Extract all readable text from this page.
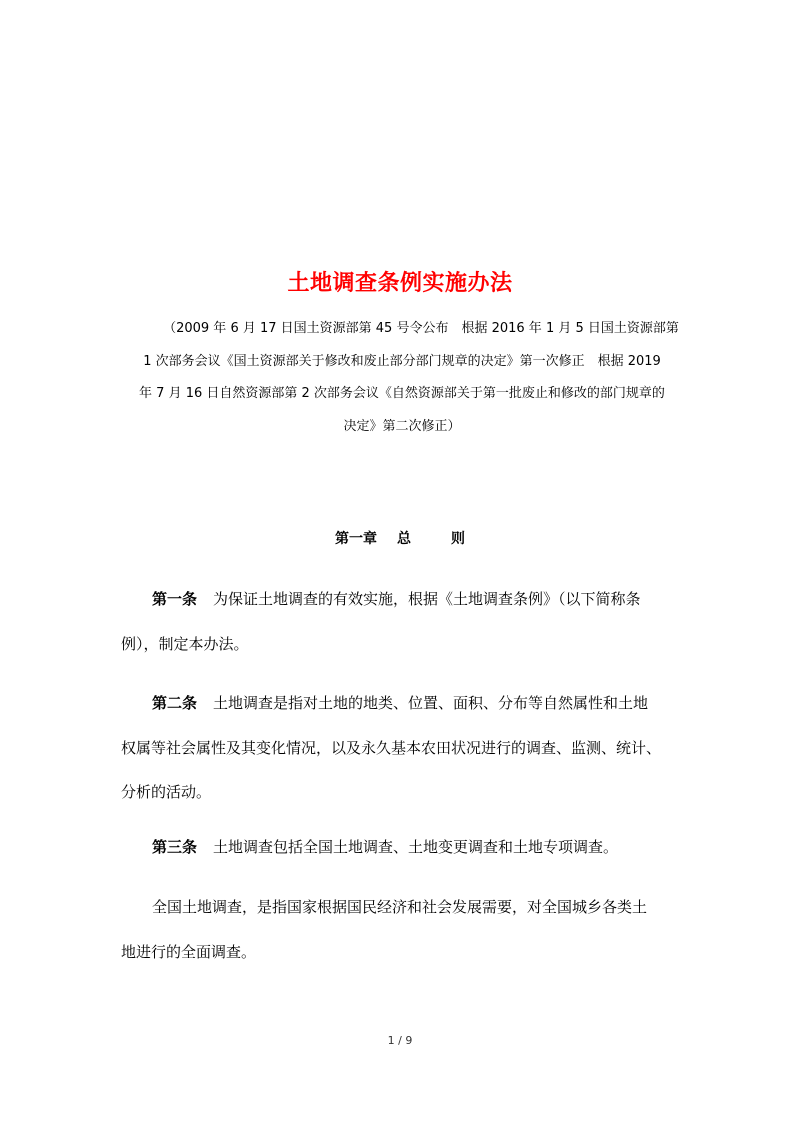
土地调查条例实施办法
（2009 年 6 月 17 日国土资源部第 45 号令公布　根据 2016 年 1 月 5 日国土资源部第
1 次部务会议《国土资源部关于修改和废止部分部门规章的决定》第一次修正　根据 2019
年 7 月 16 日自然资源部第 2 次部务会议《自然资源部关于第一批废止和修改的部门规章的
决定》第二次修正）
第一章 总	则
第一条 为保证土地调查的有效实施，根据《土地调查条例》（以下简称条
例），制定本办法。
第二条 土地调查是指对土地的地类、位置、面积、分布等自然属性和土地
权属等社会属性及其变化情况，以及永久基本农田状况进行的调查、监测、统计、
分析的活动。
第三条 土地调查包括全国土地调查、土地变更调查和土地专项调查。
全国土地调查，是指国家根据国民经济和社会发展需要，对全国城乡各类土
地进行的全面调查。
1 / 9
